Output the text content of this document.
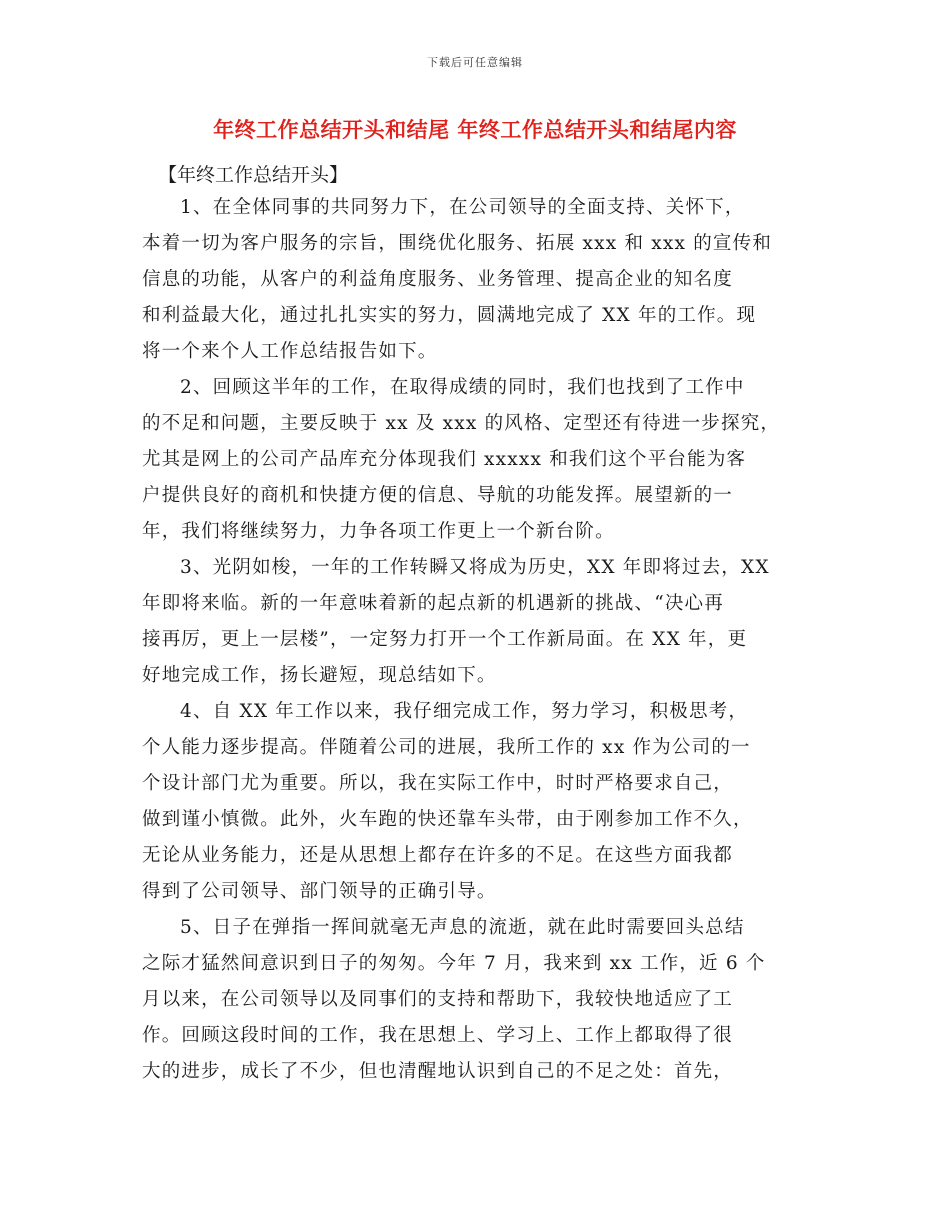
下载后可任意编辑
年终工作总结开头和结尾 年终工作总结开头和结尾内容

【年终工作总结开头】

1、在全体同事的共同努力下，在公司领导的全面支持、关怀下，
本着一切为客户服务的宗旨，围绕优化服务、拓展 xxx 和 xxx 的宣传和
信息的功能，从客户的利益角度服务、业务管理、提高企业的知名度
和利益最大化，通过扎扎实实的努力，圆满地完成了 XX 年的工作。现
将一个来个人工作总结报告如下。

2、回顾这半年的工作，在取得成绩的同时，我们也找到了工作中
的不足和问题，主要反映于 xx 及 xxx 的风格、定型还有待进一步探究，
尤其是网上的公司产品库充分体现我们 xxxxx 和我们这个平台能为客
户提供良好的商机和快捷方便的信息、导航的功能发挥。展望新的一
年，我们将继续努力，力争各项工作更上一个新台阶。

3、光阴如梭，一年的工作转瞬又将成为历史，XX 年即将过去，XX
年即将来临。新的一年意味着新的起点新的机遇新的挑战、“决心再
接再厉，更上一层楼”，一定努力打开一个工作新局面。在 XX 年，更
好地完成工作，扬长避短，现总结如下。

4、自 XX 年工作以来，我仔细完成工作，努力学习，积极思考，
个人能力逐步提高。伴随着公司的进展，我所工作的 xx 作为公司的一
个设计部门尤为重要。所以，我在实际工作中，时时严格要求自己，
做到谨小慎微。此外，火车跑的快还靠车头带，由于刚参加工作不久，
无论从业务能力，还是从思想上都存在许多的不足。在这些方面我都
得到了公司领导、部门领导的正确引导。

5、日子在弹指一挥间就毫无声息的流逝，就在此时需要回头总结
之际才猛然间意识到日子的匆匆。今年 7 月，我来到 xx 工作，近 6 个
月以来，在公司领导以及同事们的支持和帮助下，我较快地适应了工
作。回顾这段时间的工作，我在思想上、学习上、工作上都取得了很
大的进步，成长了不少，但也清醒地认识到自己的不足之处：首先，
